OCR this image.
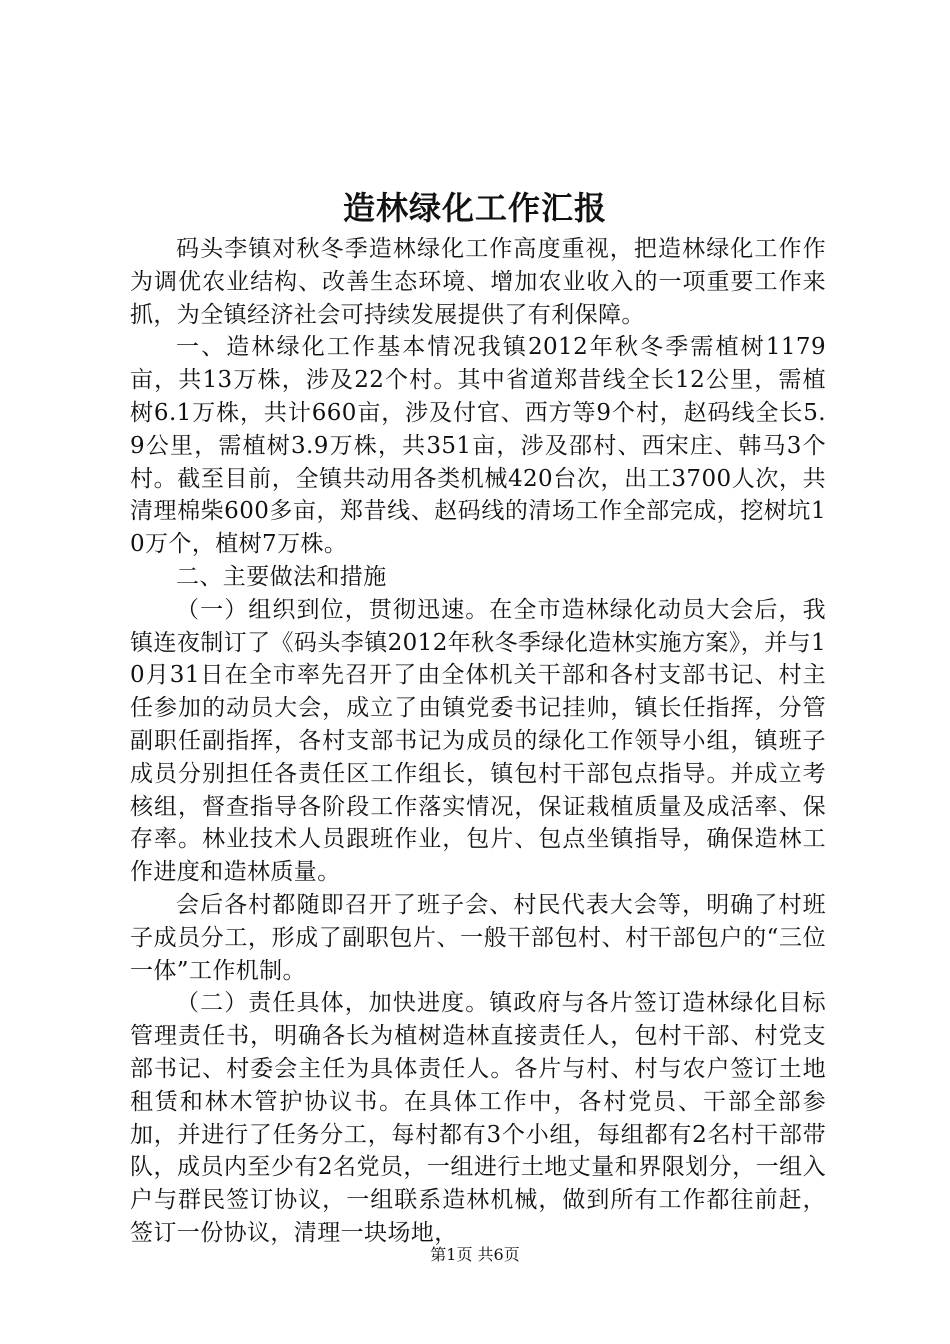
造林绿化工作汇报

码头李镇对秋冬季造林绿化工作高度重视，把造林绿化工作作为调优农业结构、改善生态环境、增加农业收入的一项重要工作来抓，为全镇经济社会可持续发展提供了有利保障。

一、造林绿化工作基本情况我镇2012年秋冬季需植树1179亩，共13万株，涉及22个村。其中省道郑昔线全长12公里，需植树6.1万株，共计660亩，涉及付官、西方等9个村，赵码线全长5.9公里，需植树3.9万株，共351亩，涉及邵村、西宋庄、韩马3个村。截至目前，全镇共动用各类机械420台次，出工3700人次，共清理棉柴600多亩，郑昔线、赵码线的清场工作全部完成，挖树坑10万个，植树7万株。

二、主要做法和措施

（一）组织到位，贯彻迅速。在全市造林绿化动员大会后，我镇连夜制订了《码头李镇2012年秋冬季绿化造林实施方案》，并与10月31日在全市率先召开了由全体机关干部和各村支部书记、村主任参加的动员大会，成立了由镇党委书记挂帅，镇长任指挥，分管副职任副指挥，各村支部书记为成员的绿化工作领导小组，镇班子成员分别担任各责任区工作组长，镇包村干部包点指导。并成立考核组，督查指导各阶段工作落实情况，保证栽植质量及成活率、保存率。林业技术人员跟班作业，包片、包点坐镇指导，确保造林工作进度和造林质量。

会后各村都随即召开了班子会、村民代表大会等，明确了村班子成员分工，形成了副职包片、一般干部包村、村干部包户的“三位一体”工作机制。

（二）责任具体，加快进度。镇政府与各片签订造林绿化目标管理责任书，明确各长为植树造林直接责任人，包村干部、村党支部书记、村委会主任为具体责任人。各片与村、村与农户签订土地租赁和林木管护协议书。在具体工作中，各村党员、干部全部参加，并进行了任务分工，每村都有3个小组，每组都有2名村干部带队，成员内至少有2名党员，一组进行土地丈量和界限划分，一组入户与群民签订协议，一组联系造林机械，做到所有工作都往前赶，签订一份协议，清理一块场地，

第1页 共6页
